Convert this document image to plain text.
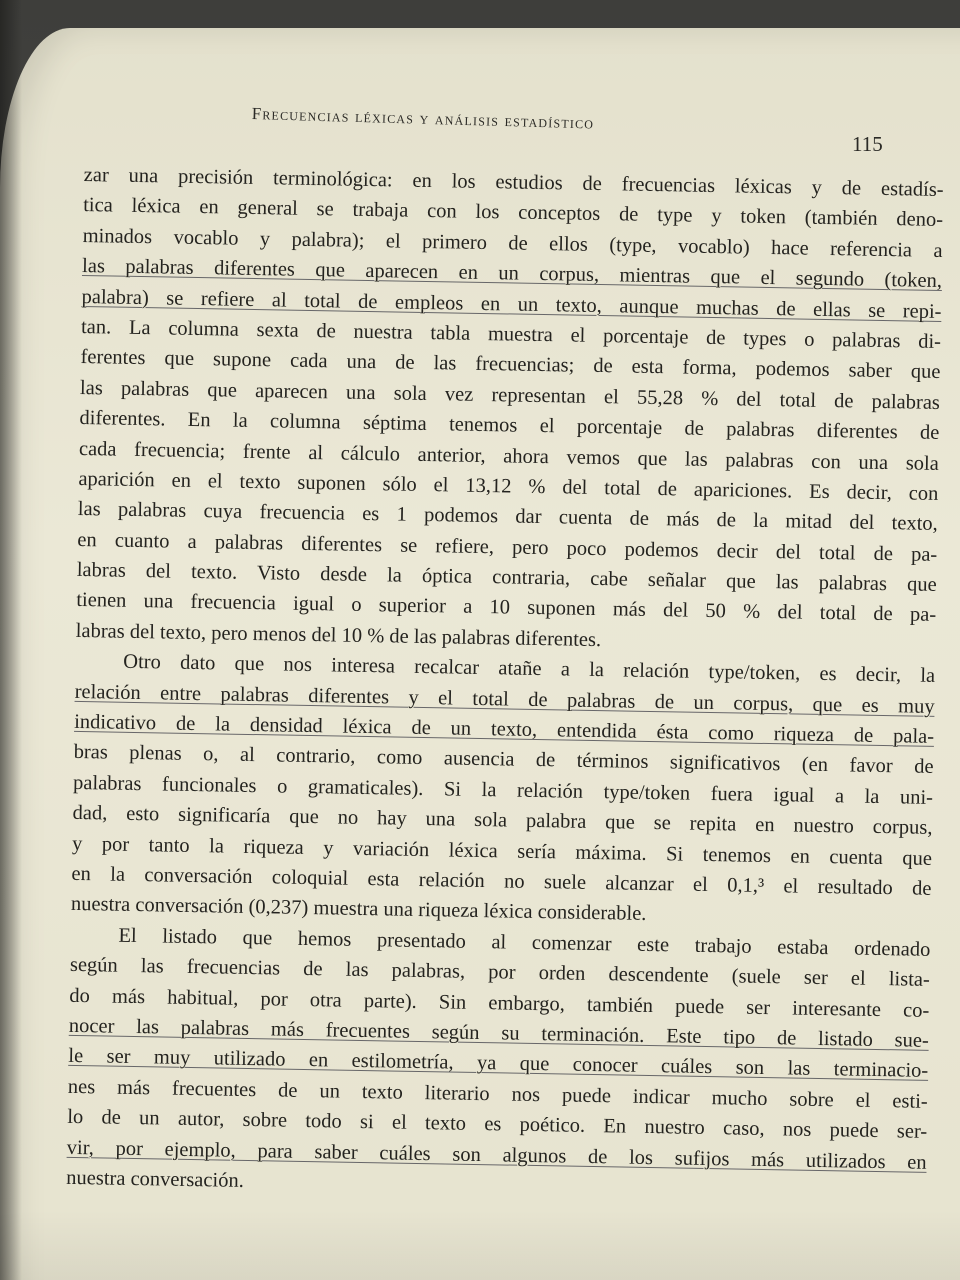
Frecuencias léxicas y análisis estadístico
115
zar una precisión terminológica: en los estudios de frecuencias léxicas y de estadís-
tica léxica en general se trabaja con los conceptos de type y token (también deno-
minados vocablo y palabra); el primero de ellos (type, vocablo) hace referencia a
las palabras diferentes que aparecen en un corpus, mientras que el segundo (token,
palabra) se refiere al total de empleos en un texto, aunque muchas de ellas se repi-
tan. La columna sexta de nuestra tabla muestra el porcentaje de types o palabras di-
ferentes que supone cada una de las frecuencias; de esta forma, podemos saber que
las palabras que aparecen una sola vez representan el 55,28 % del total de palabras
diferentes. En la columna séptima tenemos el porcentaje de palabras diferentes de
cada frecuencia; frente al cálculo anterior, ahora vemos que las palabras con una sola
aparición en el texto suponen sólo el 13,12 % del total de apariciones. Es decir, con
las palabras cuya frecuencia es 1 podemos dar cuenta de más de la mitad del texto,
en cuanto a palabras diferentes se refiere, pero poco podemos decir del total de pa-
labras del texto. Visto desde la óptica contraria, cabe señalar que las palabras que
tienen una frecuencia igual o superior a 10 suponen más del 50 % del total de pa-
labras del texto, pero menos del 10 % de las palabras diferentes.
Otro dato que nos interesa recalcar atañe a la relación type/token, es decir, la
relación entre palabras diferentes y el total de palabras de un corpus, que es muy
indicativo de la densidad léxica de un texto, entendida ésta como riqueza de pala-
bras plenas o, al contrario, como ausencia de términos significativos (en favor de
palabras funcionales o gramaticales). Si la relación type/token fuera igual a la uni-
dad, esto significaría que no hay una sola palabra que se repita en nuestro corpus,
y por tanto la riqueza y variación léxica sería máxima. Si tenemos en cuenta que
en la conversación coloquial esta relación no suele alcanzar el 0,1,³ el resultado de
nuestra conversación (0,237) muestra una riqueza léxica considerable.
El listado que hemos presentado al comenzar este trabajo estaba ordenado
según las frecuencias de las palabras, por orden descendente (suele ser el lista-
do más habitual, por otra parte). Sin embargo, también puede ser interesante co-
nocer las palabras más frecuentes según su terminación. Este tipo de listado sue-
le ser muy utilizado en estilometría, ya que conocer cuáles son las terminacio-
nes más frecuentes de un texto literario nos puede indicar mucho sobre el esti-
lo de un autor, sobre todo si el texto es poético. En nuestro caso, nos puede ser-
vir, por ejemplo, para saber cuáles son algunos de los sufijos más utilizados en
nuestra conversación.
